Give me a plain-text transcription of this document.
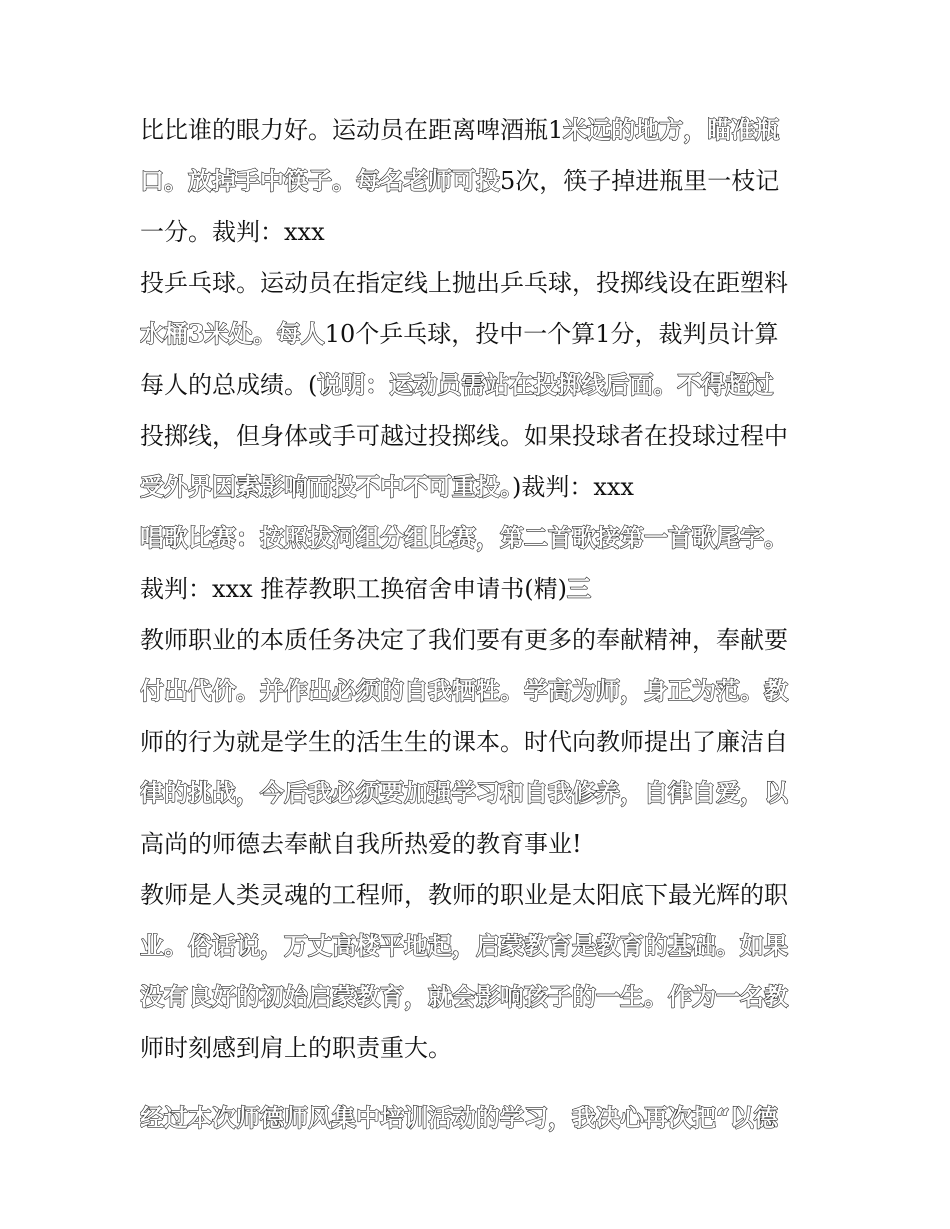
比比谁的眼力好。运动员在距离啤酒瓶1米远的地方，瞄准瓶
口。放掉手中筷子。每名老师可投5次，筷子掉进瓶里一枝记
一分。裁判：xxx
投乒乓球。运动员在指定线上抛出乒乓球，投掷线设在距塑料
水桶3米处。每人10个乒乓球，投中一个算1分，裁判员计算
每人的总成绩。(说明：运动员需站在投掷线后面。不得超过
投掷线，但身体或手可越过投掷线。如果投球者在投球过程中
受外界因素影响而投不中不可重投。)裁判：xxx
唱歌比赛：按照拔河组分组比赛，第二首歌接第一首歌尾字。
裁判：xxx 推荐教职工换宿舍申请书(精)三
教师职业的本质任务决定了我们要有更多的奉献精神，奉献要
付出代价。并作出必须的自我牺牲。学高为师，身正为范。教
师的行为就是学生的活生生的课本。时代向教师提出了廉洁自
律的挑战，今后我必须要加强学习和自我修养，自律自爱，以
高尚的师德去奉献自我所热爱的教育事业!
教师是人类灵魂的工程师，教师的职业是太阳底下最光辉的职
业。俗话说，万丈高楼平地起，启蒙教育是教育的基础。如果
没有良好的初始启蒙教育，就会影响孩子的一生。作为一名教
师时刻感到肩上的职责重大。
经过本次师德师风集中培训活动的学习，我决心再次把“以德
